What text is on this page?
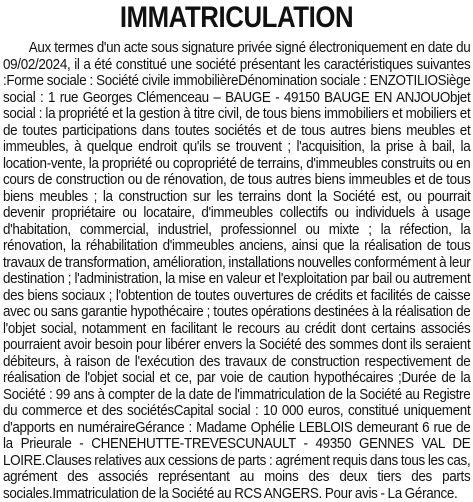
IMMATRICULATION

Aux termes d'un acte sous signature privée signé électroniquement en date du 09/02/2024, il a été constitué une société présentant les caractéristiques suivantes :Forme sociale : Société civile immobilièreDénomination sociale : ENZOTILIOSiège social : 1 rue Georges Clémenceau – BAUGE - 49150 BAUGE EN ANJOUObjet social : la propriété et la gestion à titre civil, de tous biens immobiliers et mobiliers et de toutes participations dans toutes sociétés et de tous autres biens meubles et immeubles, à quelque endroit qu'ils se trouvent ; l'acquisition, la prise à bail, la location-vente, la propriété ou copropriété de terrains, d'immeubles construits ou en cours de construction ou de rénovation, de tous autres biens immeubles et de tous biens meubles ; la construction sur les terrains dont la Société est, ou pourrait devenir propriétaire ou locataire, d'immeubles collectifs ou individuels à usage d'habitation, commercial, industriel, professionnel ou mixte ; la réfection, la rénovation, la réhabilitation d'immeubles anciens, ainsi que la réalisation de tous travaux de transformation, amélioration, installations nouvelles conformément à leur destination ; l'administration, la mise en valeur et l'exploitation par bail ou autrement des biens sociaux ; l'obtention de toutes ouvertures de crédits et facilités de caisse avec ou sans garantie hypothécaire ; toutes opérations destinées à la réalisation de l'objet social, notamment en facilitant le recours au crédit dont certains associés pourraient avoir besoin pour libérer envers la Société des sommes dont ils seraient débiteurs, à raison de l'exécution des travaux de construction respectivement de réalisation de l'objet social et ce, par voie de caution hypothécaires ;Durée de la Société : 99 ans à compter de la date de l'immatriculation de la Société au Registre du commerce et des sociétésCapital social : 10 000 euros, constitué uniquement d'apports en numéraireGérance : Madame Ophélie LEBLOIS demeurant 6 rue de la Prieurale - CHENEHUTTE-TREVESCUNAULT - 49350 GENNES VAL DE LOIRE.Clauses relatives aux cessions de parts : agrément requis dans tous les cas, agrément des associés représentant au moins des deux tiers des parts sociales.Immatriculation de la Société au RCS ANGERS. Pour avis - La Gérance.
